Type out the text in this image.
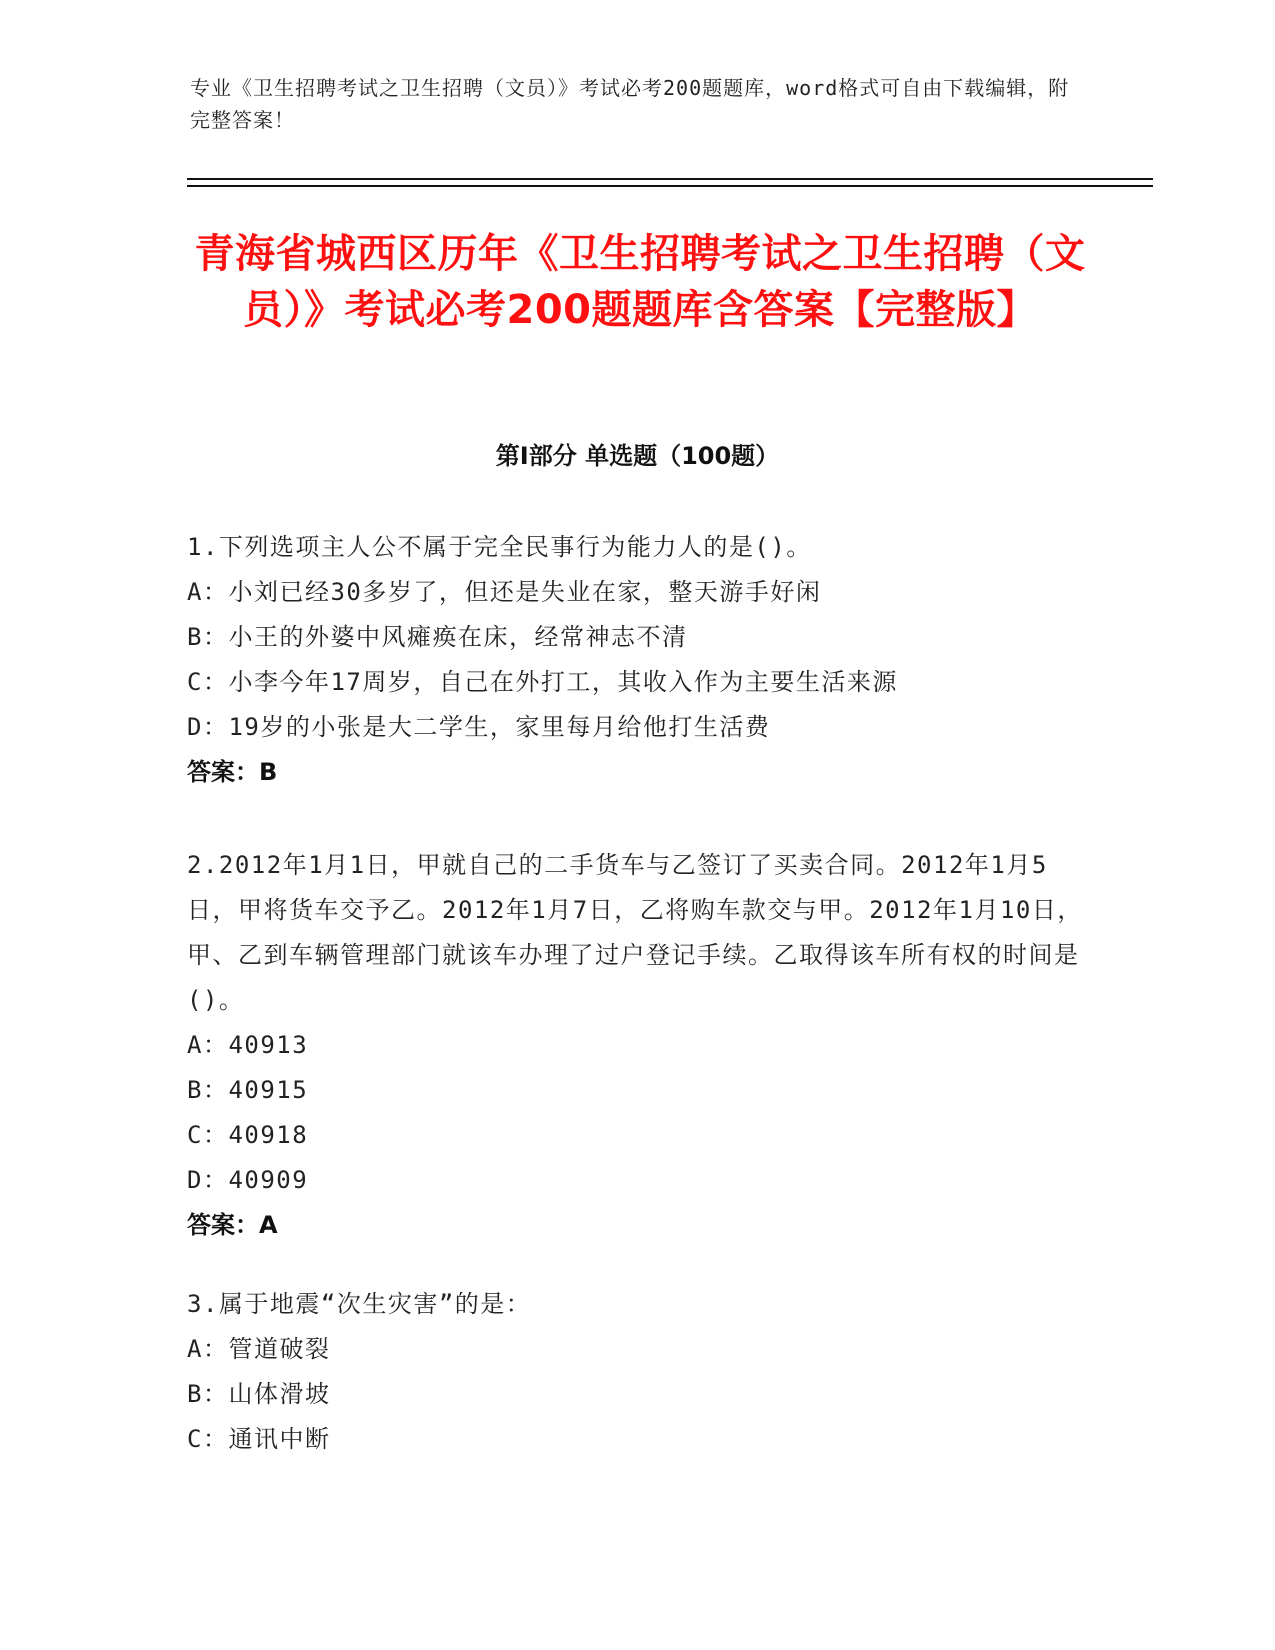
专业《卫生招聘考试之卫生招聘（文员）》考试必考200题题库，word格式可自由下载编辑，附完整答案！

青海省城西区历年《卫生招聘考试之卫生招聘（文员）》考试必考200题题库含答案【完整版】
第Ⅰ部分 单选题（100题）

1.下列选项主人公不属于完全民事行为能力人的是()。

A：小刘已经30多岁了，但还是失业在家，整天游手好闲

B：小王的外婆中风瘫痪在床，经常神志不清

C：小李今年17周岁，自己在外打工，其收入作为主要生活来源

D：19岁的小张是大二学生，家里每月给他打生活费

答案：B

2.2012年1月1日，甲就自己的二手货车与乙签订了买卖合同。2012年1月5日，甲将货车交予乙。2012年1月7日，乙将购车款交与甲。2012年1月10日，甲、乙到车辆管理部门就该车办理了过户登记手续。乙取得该车所有权的时间是()。

A：40913

B：40915

C：40918

D：40909

答案：A

3.属于地震“次生灾害”的是：

A：管道破裂

B：山体滑坡

C：通讯中断
